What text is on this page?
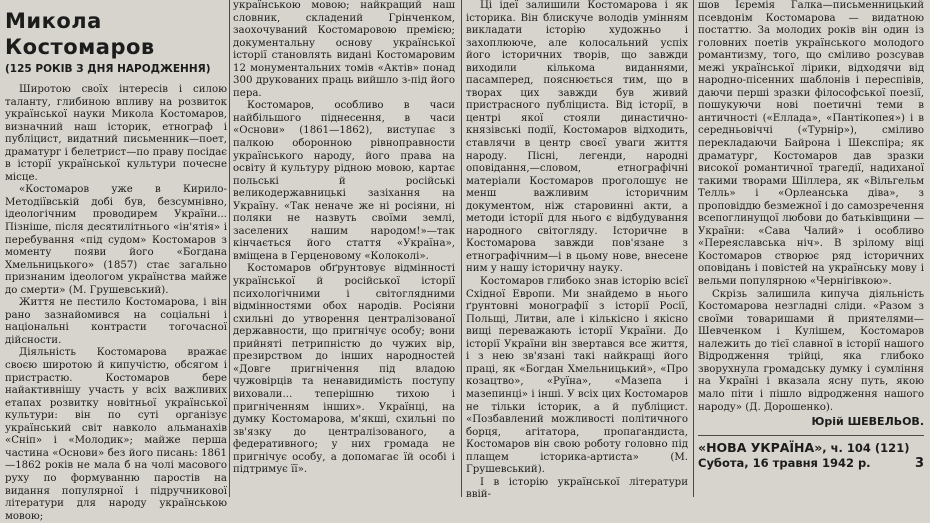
Микола Костомаров
(125 РОКІВ З ДНЯ НАРОДЖЕННЯ)

Широтою своїх інтересів і силою таланту, глибиною впливу на розвиток української науки Микола Костомаров, визначний наш історик, етнограф і публіцист, видатний письменник—поет, драматург і белетрист—по праву посідає в історії української культури почесне місце.

«Костомаров уже в Кирило-Методіївській добі був, безсумнівно, ідеологічним проводирем України... Пізніше, після десятилітнього «ін'ятія» і перебування «під судом» Костомаров з моменту появи його «Богдана Хмельницького» (1857) стає загально признаним ідеологом українства майже до смерти» (М. Грушевський).

Життя не пестило Костомарова, і він рано зазнайомився на соціальні і національні контрасти тогочасної дійсности.

Діяльність Костомарова вражає своєю широтою й кипучістю, обсягом і пристрастю. Костомаров бере найактивнішу участь у всіх важливих етапах розвитку новітньої української культури: він по суті організує український світ навколо альманахів «Сніп» і «Молодик»; майже перша частина «Основи» без його писань: 1861—1862 років не мала б на чолі масового руху по формуванню паростів на видання популярної і підручникової літератури для народу українською мовою;

українською мовою; найкращий наш словник, складений Грінченком, заохочуваний Костомаровою премією; документальну основу української історії становлять видані Костомаровим 12 монументальних томів «Актів» понад 300 друкованих праць вийшло з-під його пера.

Костомаров, особливо в часи найбільшого піднесення, в часи «Основи» (1861—1862), виступає з палкою оборонною рівноправности українського народу, його права на освіту й культуру рідною мовою, картає польські й російські великодержавницькі зазіхання на Україну. «Так неначе же ні росіяни, ні поляки не назвуть своїми землі, заселених нашим народом!»—так кінчається його стаття «Україна», вміщена в Герценовому «Колоколі».

Костомаров обґрунтовує відмінності української й російської історії психологічними і світоглядними відмінностями обох народів. Росіяни схильні до утворення централізованої державности, що пригнічує особу; вони прийняті петрипністю до чужих вір, презирством до інших народностей «Довге пригнічення під владою чужовірців та ненавидимість поступу виховали... теперішню тихою і пригніченням інших». Українці, на думку Костомарова, м'якші, схильні по зв'язку до централізованого, а федеративного; у них громада не пригнічує особу, а допомагає їй особі і підтримує її».

Ці ідеї залишили Костомарова і як історика. Він блискуче володів умінням викладати історію художньо і захоплююче, але колосальний успіх його історичних творів, що завжди виходили кількома виданнями, пасамперед, пояснюється тим, що в творах цих завжди був живий пристрасного публіциста. Від історії, в центрі якої стояли династично-князівські події, Костомаров відходить, ставлячи в центр своєї уваги життя народу. Пісні, легенди, народні оповідання,—словом, етнографічні матеріали Костомаров проголошує не менш важливим історичним документом, ніж старовинні акти, а методи історії для нього є відбудування народного світогляду. Історичне в Костомарова завжди пов'язане з етнографічним—і в цьому нове, внесене ним у нашу історичну науку.

Костомаров глибоко знав історію всієї Східної Европи. Ми знайдемо в нього ґрунтовні монографії з історії Росії, Польщі, Литви, але і кількісно і якісно вищі переважають історії України. До історії України він звертався все життя, і з нею зв'язані такі найкращі його праці, як «Богдан Хмельницький», «Про козацтво», «Руїна», «Мазепа і мазепинці» і інші. У всіх цих Костомаров не тільки історик, а й публіцист. «Позбавлений можливості політичного борця, агітатора, пропагандиста, Костомаров він свою роботу головно під плащем історика-артиста» (М. Грушевський).

І в історію української літератури ввій-

шов Ієремія Галка—письменницький псевдонім Костомарова — видатною постаттю. За молодих років він один із головних поетів українського молодого романтизму, того, що сміливо розсував межі української лірики, відходячи від народно-пісенних шаблонів і переспівів, даючи перші зразки філософської поезії, пошукуючи нові поетичні теми в античності («Еллада», «Пантікопея») і в середньовіччі («Турнір»), сміливо перекладаючи Байрона і Шекспіра; як драматург, Костомаров дав зразки високої романтичної трагедії, надиханої такими творами Шіллера, як «Вільгельм Телль» і «Орлеанська діва», з проповіддю безмежної і до самозречення всепоглинущої любови до батьківщини — України: «Сава Чалий» і особливо «Переяславська ніч». В зрілому віці Костомаров створює ряд історичних оповідань і повістей на українську мову і вельми популярною «Чернігівкою».

Скрізь залишила кипуча діяльність Костомарова незгладні сліди. «Разом з своїми товаришами й приятелями—Шевченком і Кулішем, Костомаров належить до тієї славної в історії нашого Відродження трійці, яка глибоко зворухнула громадську думку і сумління на Україні і вказала ясну путь, якою мало піти і пішло відродження нашого народу» (Д. Дорошенко).

Юрій ШЕВЕЛЬОВ.
«НОВА УКРАЇНА», ч. 104 (121)
Субота, 16 травня 1942 р.	3
